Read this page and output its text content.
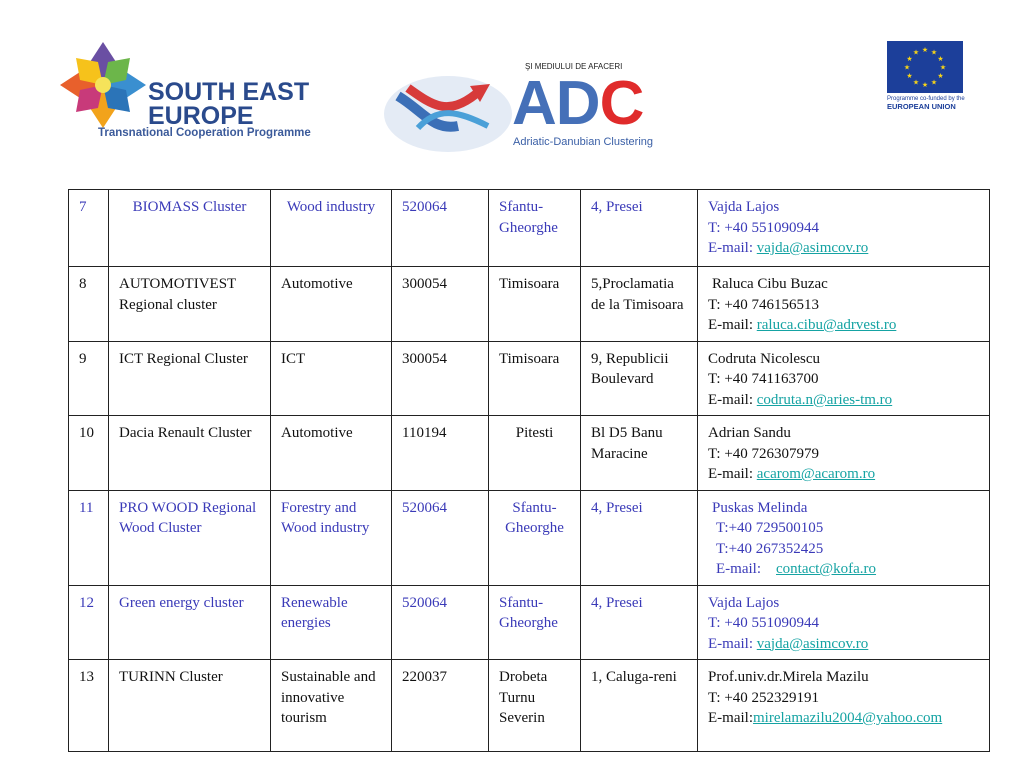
SOUTH EAST
EUROPE
Transnational Cooperation Programme
ŞI MEDIULUI DE AFACERI
ADC
Adriatic-Danubian Clustering
★ ★
★
★
★
★
★
★
★
★
★
★
Programme co-funded by the
EUROPEAN UNION
7	BIOMASS Cluster	Wood industry	520064	Sfantu-Gheorghe	4, Presei	Vajda Lajos
T: +40 551090944
E-mail: vajda@asimcov.ro

8	AUTOMOTIVEST Regional cluster	Automotive	300054	Timisoara	5,Proclamatia de la Timisoara	Raluca Cibu Buzac
T: +40 746156513
E-mail: raluca.cibu@adrvest.ro

9	ICT Regional Cluster	ICT	300054	Timisoara	9, Republicii Boulevard	Codruta Nicolescu
T: +40 741163700
E-mail: codruta.n@aries-tm.ro

10	Dacia Renault Cluster	Automotive	110194	Pitesti	Bl D5 Banu Maracine	Adrian Sandu
T: +40 726307979
E-mail: acarom@acarom.ro

11	PRO WOOD Regional Wood Cluster	Forestry and Wood industry	520064	Sfantu-Gheorghe	4, Presei	Puskas Melinda
T:+40 729500105
T:+40 267352425
E-mail: contact@kofa.ro

12	Green energy cluster	Renewable energies	520064	Sfantu-Gheorghe	4, Presei	Vajda Lajos
T: +40 551090944
E-mail: vajda@asimcov.ro

13	TURINN Cluster	Sustainable and innovative tourism	220037	Drobeta Turnu Severin	1, Caluga-reni	Prof.univ.dr.Mirela Mazilu
T: +40 252329191
E-mail:mirelamazilu2004@yahoo.com
